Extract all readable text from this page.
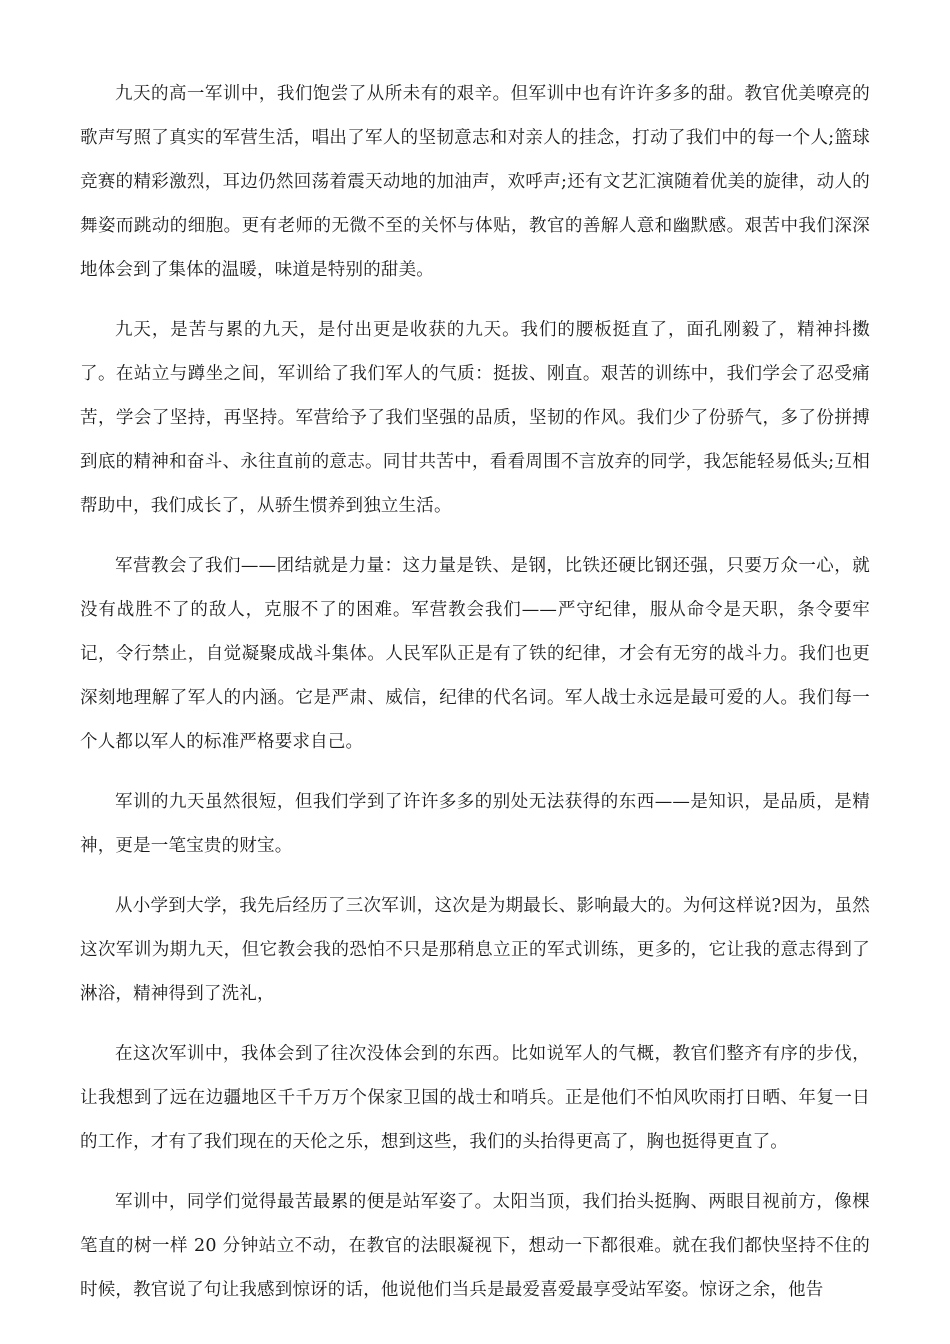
九天的高一军训中，我们饱尝了从所未有的艰辛。但军训中也有许许多多的甜。教官优美嘹亮的歌声写照了真实的军营生活，唱出了军人的坚韧意志和对亲人的挂念，打动了我们中的每一个人;篮球竞赛的精彩激烈，耳边仍然回荡着震天动地的加油声，欢呼声;还有文艺汇演随着优美的旋律，动人的舞姿而跳动的细胞。更有老师的无微不至的关怀与体贴，教官的善解人意和幽默感。艰苦中我们深深地体会到了集体的温暖，味道是特别的甜美。

九天，是苦与累的九天，是付出更是收获的九天。我们的腰板挺直了，面孔刚毅了，精神抖擞了。在站立与蹲坐之间，军训给了我们军人的气质：挺拔、刚直。艰苦的训练中，我们学会了忍受痛苦，学会了坚持，再坚持。军营给予了我们坚强的品质，坚韧的作风。我们少了份骄气，多了份拼搏到底的精神和奋斗、永往直前的意志。同甘共苦中，看看周围不言放弃的同学，我怎能轻易低头;互相帮助中，我们成长了，从骄生惯养到独立生活。

军营教会了我们——团结就是力量：这力量是铁、是钢，比铁还硬比钢还强，只要万众一心，就没有战胜不了的敌人，克服不了的困难。军营教会我们——严守纪律，服从命令是天职，条令要牢记，令行禁止，自觉凝聚成战斗集体。人民军队正是有了铁的纪律，才会有无穷的战斗力。我们也更深刻地理解了军人的内涵。它是严肃、威信，纪律的代名词。军人战士永远是最可爱的人。我们每一个人都以军人的标准严格要求自己。

军训的九天虽然很短，但我们学到了许许多多的别处无法获得的东西——是知识，是品质，是精神，更是一笔宝贵的财宝。

从小学到大学，我先后经历了三次军训，这次是为期最长、影响最大的。为何这样说?因为，虽然这次军训为期九天，但它教会我的恐怕不只是那稍息立正的军式训练，更多的，它让我的意志得到了淋浴，精神得到了洗礼，

在这次军训中，我体会到了往次没体会到的东西。比如说军人的气概，教官们整齐有序的步伐，让我想到了远在边疆地区千千万万个保家卫国的战士和哨兵。正是他们不怕风吹雨打日晒、年复一日的工作，才有了我们现在的天伦之乐，想到这些，我们的头抬得更高了，胸也挺得更直了。

军训中，同学们觉得最苦最累的便是站军姿了。太阳当顶，我们抬头挺胸、两眼目视前方，像棵笔直的树一样 20 分钟站立不动，在教官的法眼凝视下，想动一下都很难。就在我们都快坚持不住的时候，教官说了句让我感到惊讶的话，他说他们当兵是最爱喜爱最享受站军姿。惊讶之余，他告
